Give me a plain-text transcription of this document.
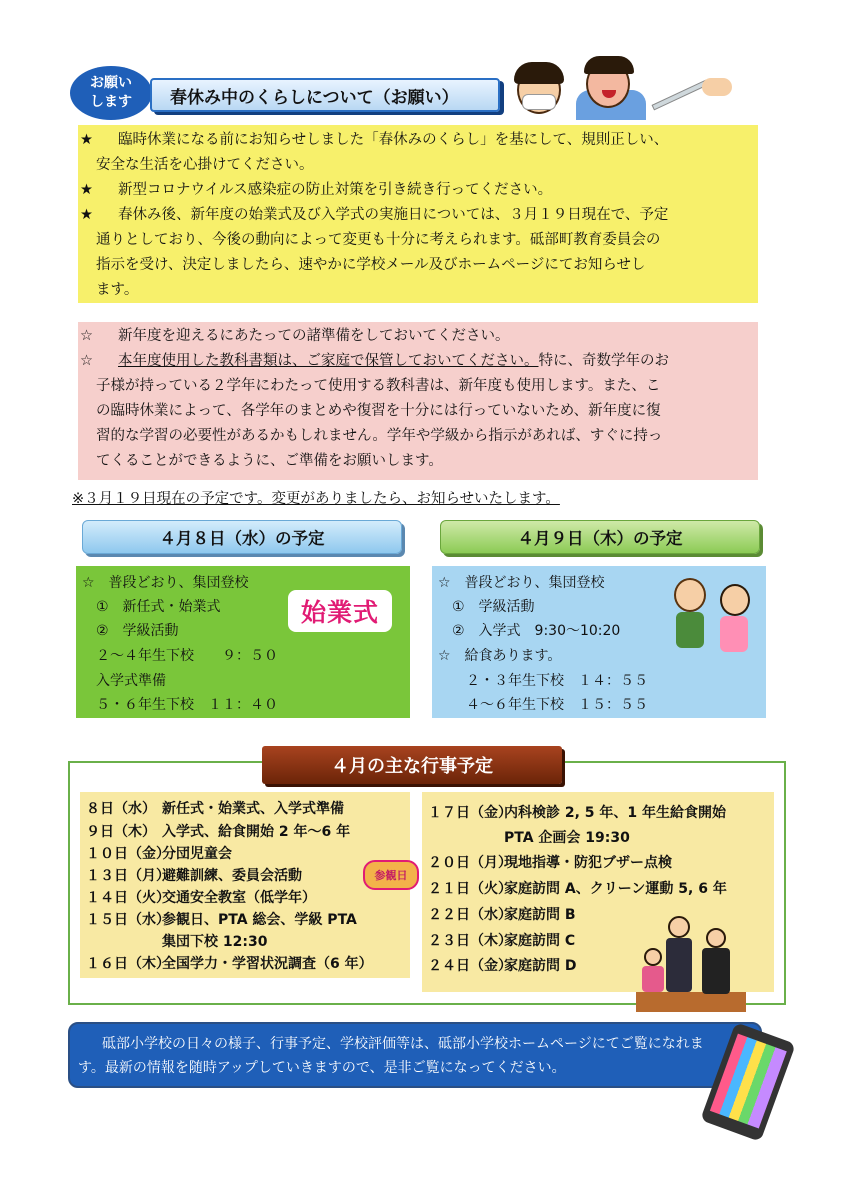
お願い
します 春休み中のくらしについて（お願い）
★	臨時休業になる前にお知らせしました「春休みのくらし」を基にして、規則正しい、
安全な生活を心掛けてください。
★	新型コロナウイルス感染症の防止対策を引き続き行ってください。
★	春休み後、新年度の始業式及び入学式の実施日については、３月１９日現在で、予定
通りとしており、今後の動向によって変更も十分に考えられます。砥部町教育委員会の
指示を受け、決定しましたら、速やかに学校メール及びホームページにてお知らせし
ます。
☆	新年度を迎えるにあたっての諸準備をしておいてください。
☆	本年度使用した教科書類は、ご家庭で保管しておいてください。特に、奇数学年のお
子様が持っている２学年にわたって使用する教科書は、新年度も使用します。また、こ
の臨時休業によって、各学年のまとめや復習を十分には行っていないため、新年度に復
習的な学習の必要性があるかもしれません。学年や学級から指示があれば、すぐに持っ
てくることができるように、ご準備をお願いします。
※３月１９日現在の予定です。変更がありましたら、お知らせいたします。
４月８日（水）の予定	４月９日（木）の予定
☆　普段どおり、集団登校
　①　新任式・始業式
　②　学級活動
　２～４年生下校　　９：５０
入学式準備
　５・６年生下校　１１：４０
始業式
☆　普段どおり、集団登校
　①　学級活動
　②　入学式　9:30～10:20
☆　給食あります。
　　２・３年生下校　１４：５５
　　４～６年生下校　１５：５５
４月の主な行事予定
８日（水） 新任式・始業式、入学式準備
９日（木） 入学式、給食開始 2 年～6 年
１０日（金）分団児童会
１３日（月）避難訓練、委員会活動
１４日（火）交通安全教室（低学年）
１５日（水）参観日、PTA 総会、学級 PTA
集団下校 12:30
１６日（木）全国学力・学習状況調査（6 年）
参観日
１７日（金）内科検診 2, 5 年、1 年生給食開始
PTA 企画会 19:30
２０日（月）現地指導・防犯ブザー点検
２１日（火）家庭訪問 A、クリーン運動 5, 6 年
２２日（水）家庭訪問 B
２３日（木）家庭訪問 C
２４日（金）家庭訪問 D
砥部小学校の日々の様子、行事予定、学校評価等は、砥部小学校ホームページにてご覧になれま
す。最新の情報を随時アップしていきますので、是非ご覧になってください。
